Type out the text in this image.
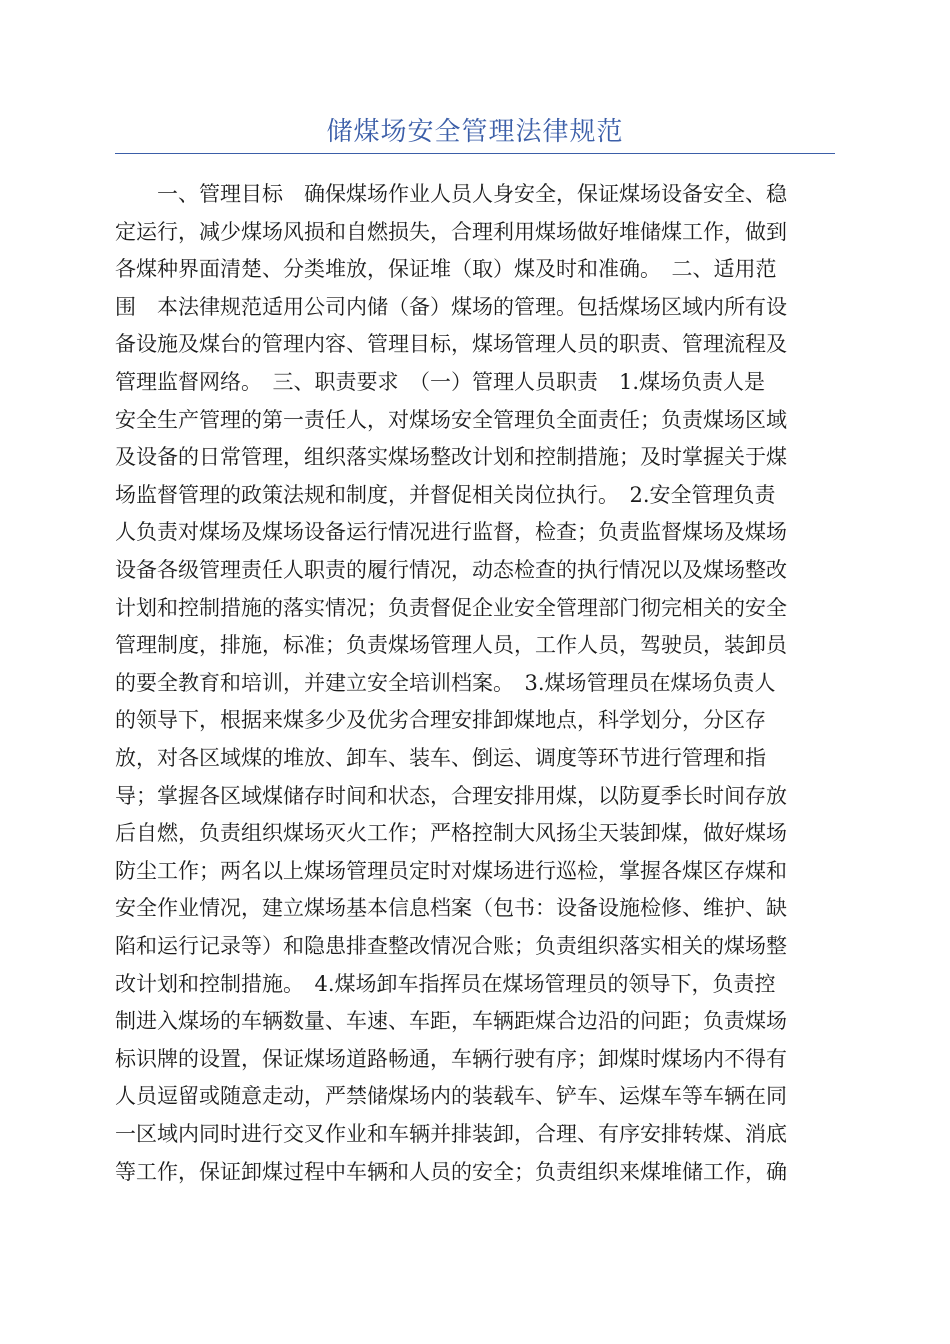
储煤场安全管理法律规范
　　一、管理目标　确保煤场作业人员人身安全，保证煤场设备安全、稳
定运行，减少煤场风损和自燃损失，合理利用煤场做好堆储煤工作，做到
各煤种界面清楚、分类堆放，保证堆（取）煤及时和准确。　二、适用范
围　本法律规范适用公司内储（备）煤场的管理。包括煤场区域内所有设
备设施及煤台的管理内容、管理目标，煤场管理人员的职责、管理流程及
管理监督网络。　三、职责要求　（一）管理人员职责　1.煤场负责人是
安全生产管理的第一责任人，对煤场安全管理负全面责任；负责煤场区域
及设备的日常管理，组织落实煤场整改计划和控制措施；及时掌握关于煤
场监督管理的政策法规和制度，并督促相关岗位执行。　2.安全管理负责
人负责对煤场及煤场设备运行情况进行监督，检查；负责监督煤场及煤场
设备各级管理责任人职责的履行情况，动态检查的执行情况以及煤场整改
计划和控制措施的落实情况；负责督促企业安全管理部门彻完相关的安全
管理制度，排施，标准；负责煤场管理人员，工作人员，驾驶员，装卸员
的要全教育和培训，并建立安全培训档案。　3.煤场管理员在煤场负责人
的领导下，根据来煤多少及优劣合理安排卸煤地点，科学划分，分区存
放，对各区域煤的堆放、卸车、装车、倒运、调度等环节进行管理和指
导；掌握各区域煤储存时间和状态，合理安排用煤，以防夏季长时间存放
后自燃，负责组织煤场灭火工作；严格控制大风扬尘天装卸煤，做好煤场
防尘工作；两名以上煤场管理员定时对煤场进行巡检，掌握各煤区存煤和
安全作业情况，建立煤场基本信息档案（包书：设备设施检修、维护、缺
陷和运行记录等）和隐患排查整改情况合账；负责组织落实相关的煤场整
改计划和控制措施。　4.煤场卸车指挥员在煤场管理员的领导下，负责控
制进入煤场的车辆数量、车速、车距，车辆距煤合边沿的问距；负责煤场
标识牌的设置，保证煤场道路畅通，车辆行驶有序；卸煤时煤场内不得有
人员逗留或随意走动，严禁储煤场内的装载车、铲车、运煤车等车辆在同
一区域内同时进行交叉作业和车辆并排装卸，合理、有序安排转煤、消底
等工作，保证卸煤过程中车辆和人员的安全；负责组织来煤堆储工作，确
